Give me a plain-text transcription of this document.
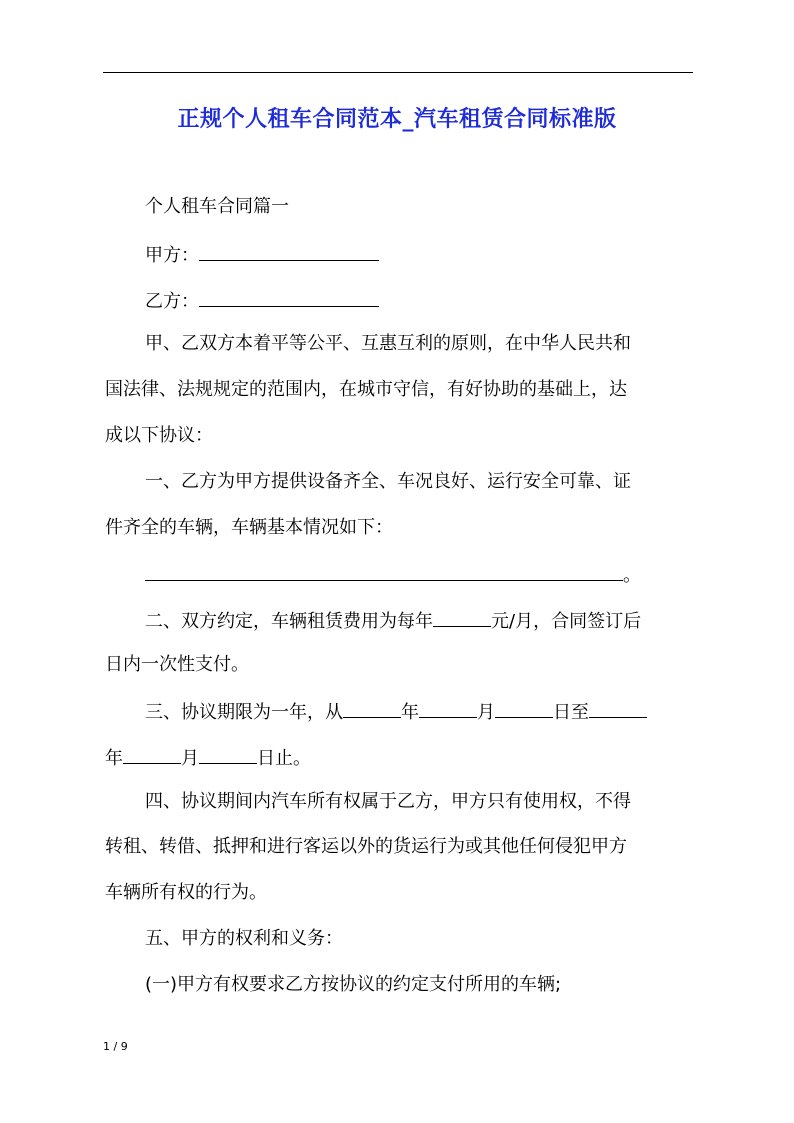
正规个人租车合同范本_汽车租赁合同标准版
个人租车合同篇一
甲方：
乙方：
甲、乙双方本着平等公平、互惠互利的原则，在中华人民共和
国法律、法规规定的范围内，在城市守信，有好协助的基础上，达
成以下协议：
一、乙方为甲方提供设备齐全、车况良好、运行安全可靠、证
件齐全的车辆，车辆基本情况如下：
。
二、双方约定，车辆租赁费用为每年	元/月，合同签订后
日内一次性支付。
三、协议期限为一年，从	年	月	日至
年	月	日止。
四、协议期间内汽车所有权属于乙方，甲方只有使用权，不得
转租、转借、抵押和进行客运以外的货运行为或其他任何侵犯甲方
车辆所有权的行为。
五、甲方的权利和义务：
(一)甲方有权要求乙方按协议的约定支付所用的车辆;
1 / 9
